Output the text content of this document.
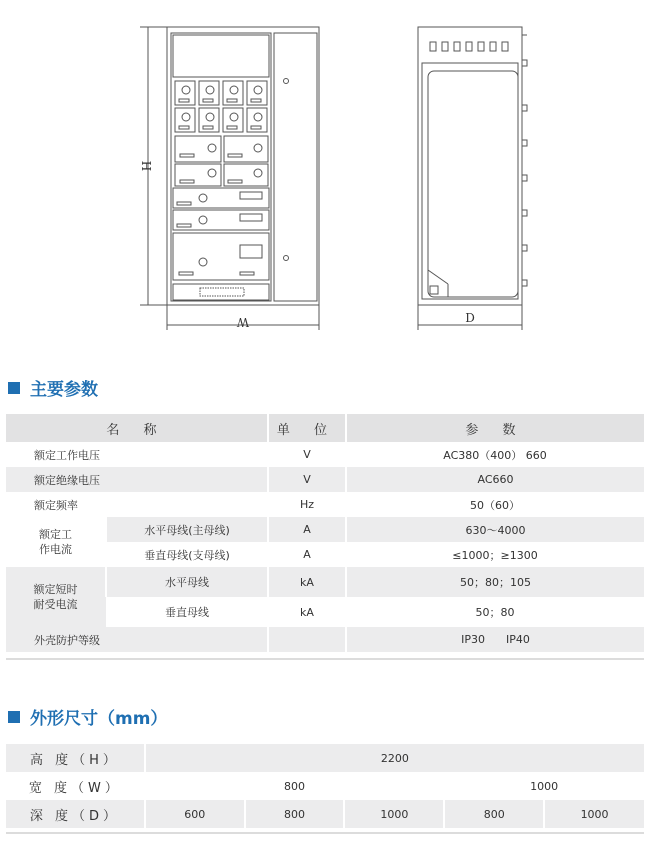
H
W	D
主要参数
名 称		单 位	参 数
额定工作电压		V	AC380（400） 660
额定绝缘电压		V	AC660
额定频率		Hz	50（60）
额定工
作电流	水平母线(主母线)	A	630～4000
	垂直母线(支母线)	A	≤1000；≥1300
额定短时
耐受电流	水平母线	kA	50；80；105
	垂直母线	kA	50；80
外壳防护等级			IP30      IP40

外形尺寸（mm）
高 度（H）	2200				
宽 度（W）	800			1000	
深 度（D）	600	800	1000	800	1000
